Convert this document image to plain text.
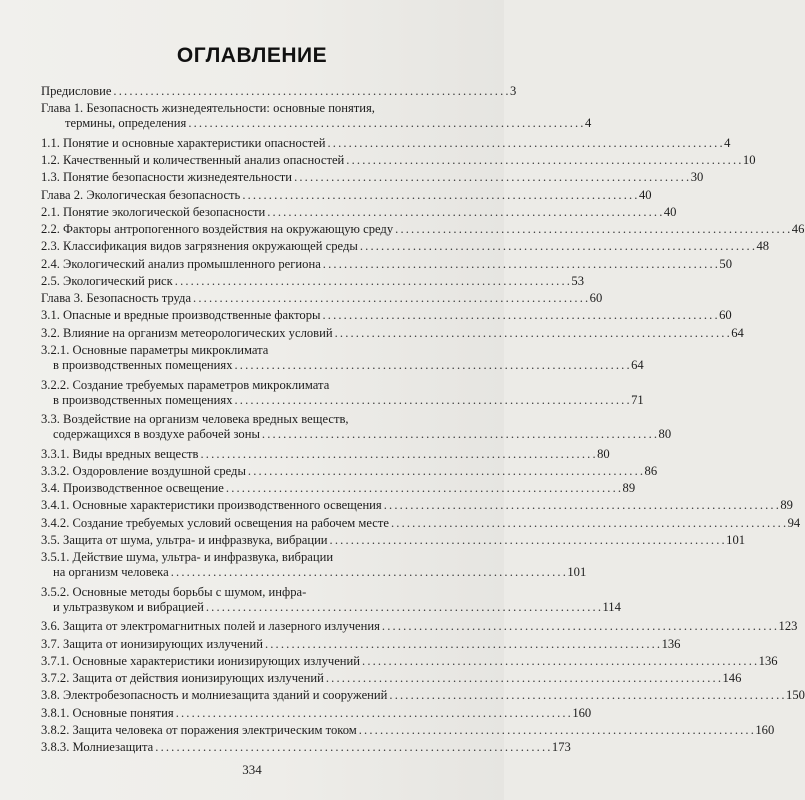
ОГЛАВЛЕНИЕ
Предисловие . . .	3
Глава 1. Безопасность жизнедеятельности: основные понятия,
термины, определения . . .	4
1.1. Понятие и основные характеристики опасностей . . .	4
1.2. Качественный и количественный анализ опасностей . . .	10
1.3. Понятие безопасности жизнедеятельности . . .	30
Глава 2. Экологическая безопасность . . .	40
2.1. Понятие экологической безопасности . . .	40
2.2. Факторы антропогенного воздействия на окружающую среду . . .	46
2.3. Классификация видов загрязнения окружающей среды . . .	48
2.4. Экологический анализ промышленного региона . . .	50
2.5. Экологический риск . . .	53
Глава 3. Безопасность труда . . .	60
3.1. Опасные и вредные производственные факторы . . .	60
3.2. Влияние на организм метеорологических условий . . .	64
3.2.1. Основные параметры микроклимата
в производственных помещениях . . .	64
3.2.2. Создание требуемых параметров микроклимата
в производственных помещениях . . .	71
3.3. Воздействие на организм человека вредных веществ,
содержащихся в воздухе рабочей зоны . . .	80
3.3.1. Виды вредных веществ . . .	80
3.3.2. Оздоровление воздушной среды . . .	86
3.4. Производственное освещение . . .	89
3.4.1. Основные характеристики производственного освещения . . .	89
3.4.2. Создание требуемых условий освещения на рабочем месте . . .	94
3.5. Защита от шума, ультра- и инфразвука, вибрации . . .	101
3.5.1. Действие шума, ультра- и инфразвука, вибрации
на организм человека . . .	101
3.5.2. Основные методы борьбы с шумом, инфра-
и ультразвуком и вибрацией . . .	114
3.6. Защита от электромагнитных полей и лазерного излучения . . .	123
3.7. Защита от ионизирующих излучений . . .	136
3.7.1. Основные характеристики ионизирующих излучений . . .	136
3.7.2. Защита от действия ионизирующих излучений . . .	146
3.8. Электробезопасность и молниезащита зданий и сооружений . . .	150
3.8.1. Основные понятия . . .	160
3.8.2. Защита человека от поражения электрическим током . . .	160
3.8.3. Молниезащита . . .	173
334
